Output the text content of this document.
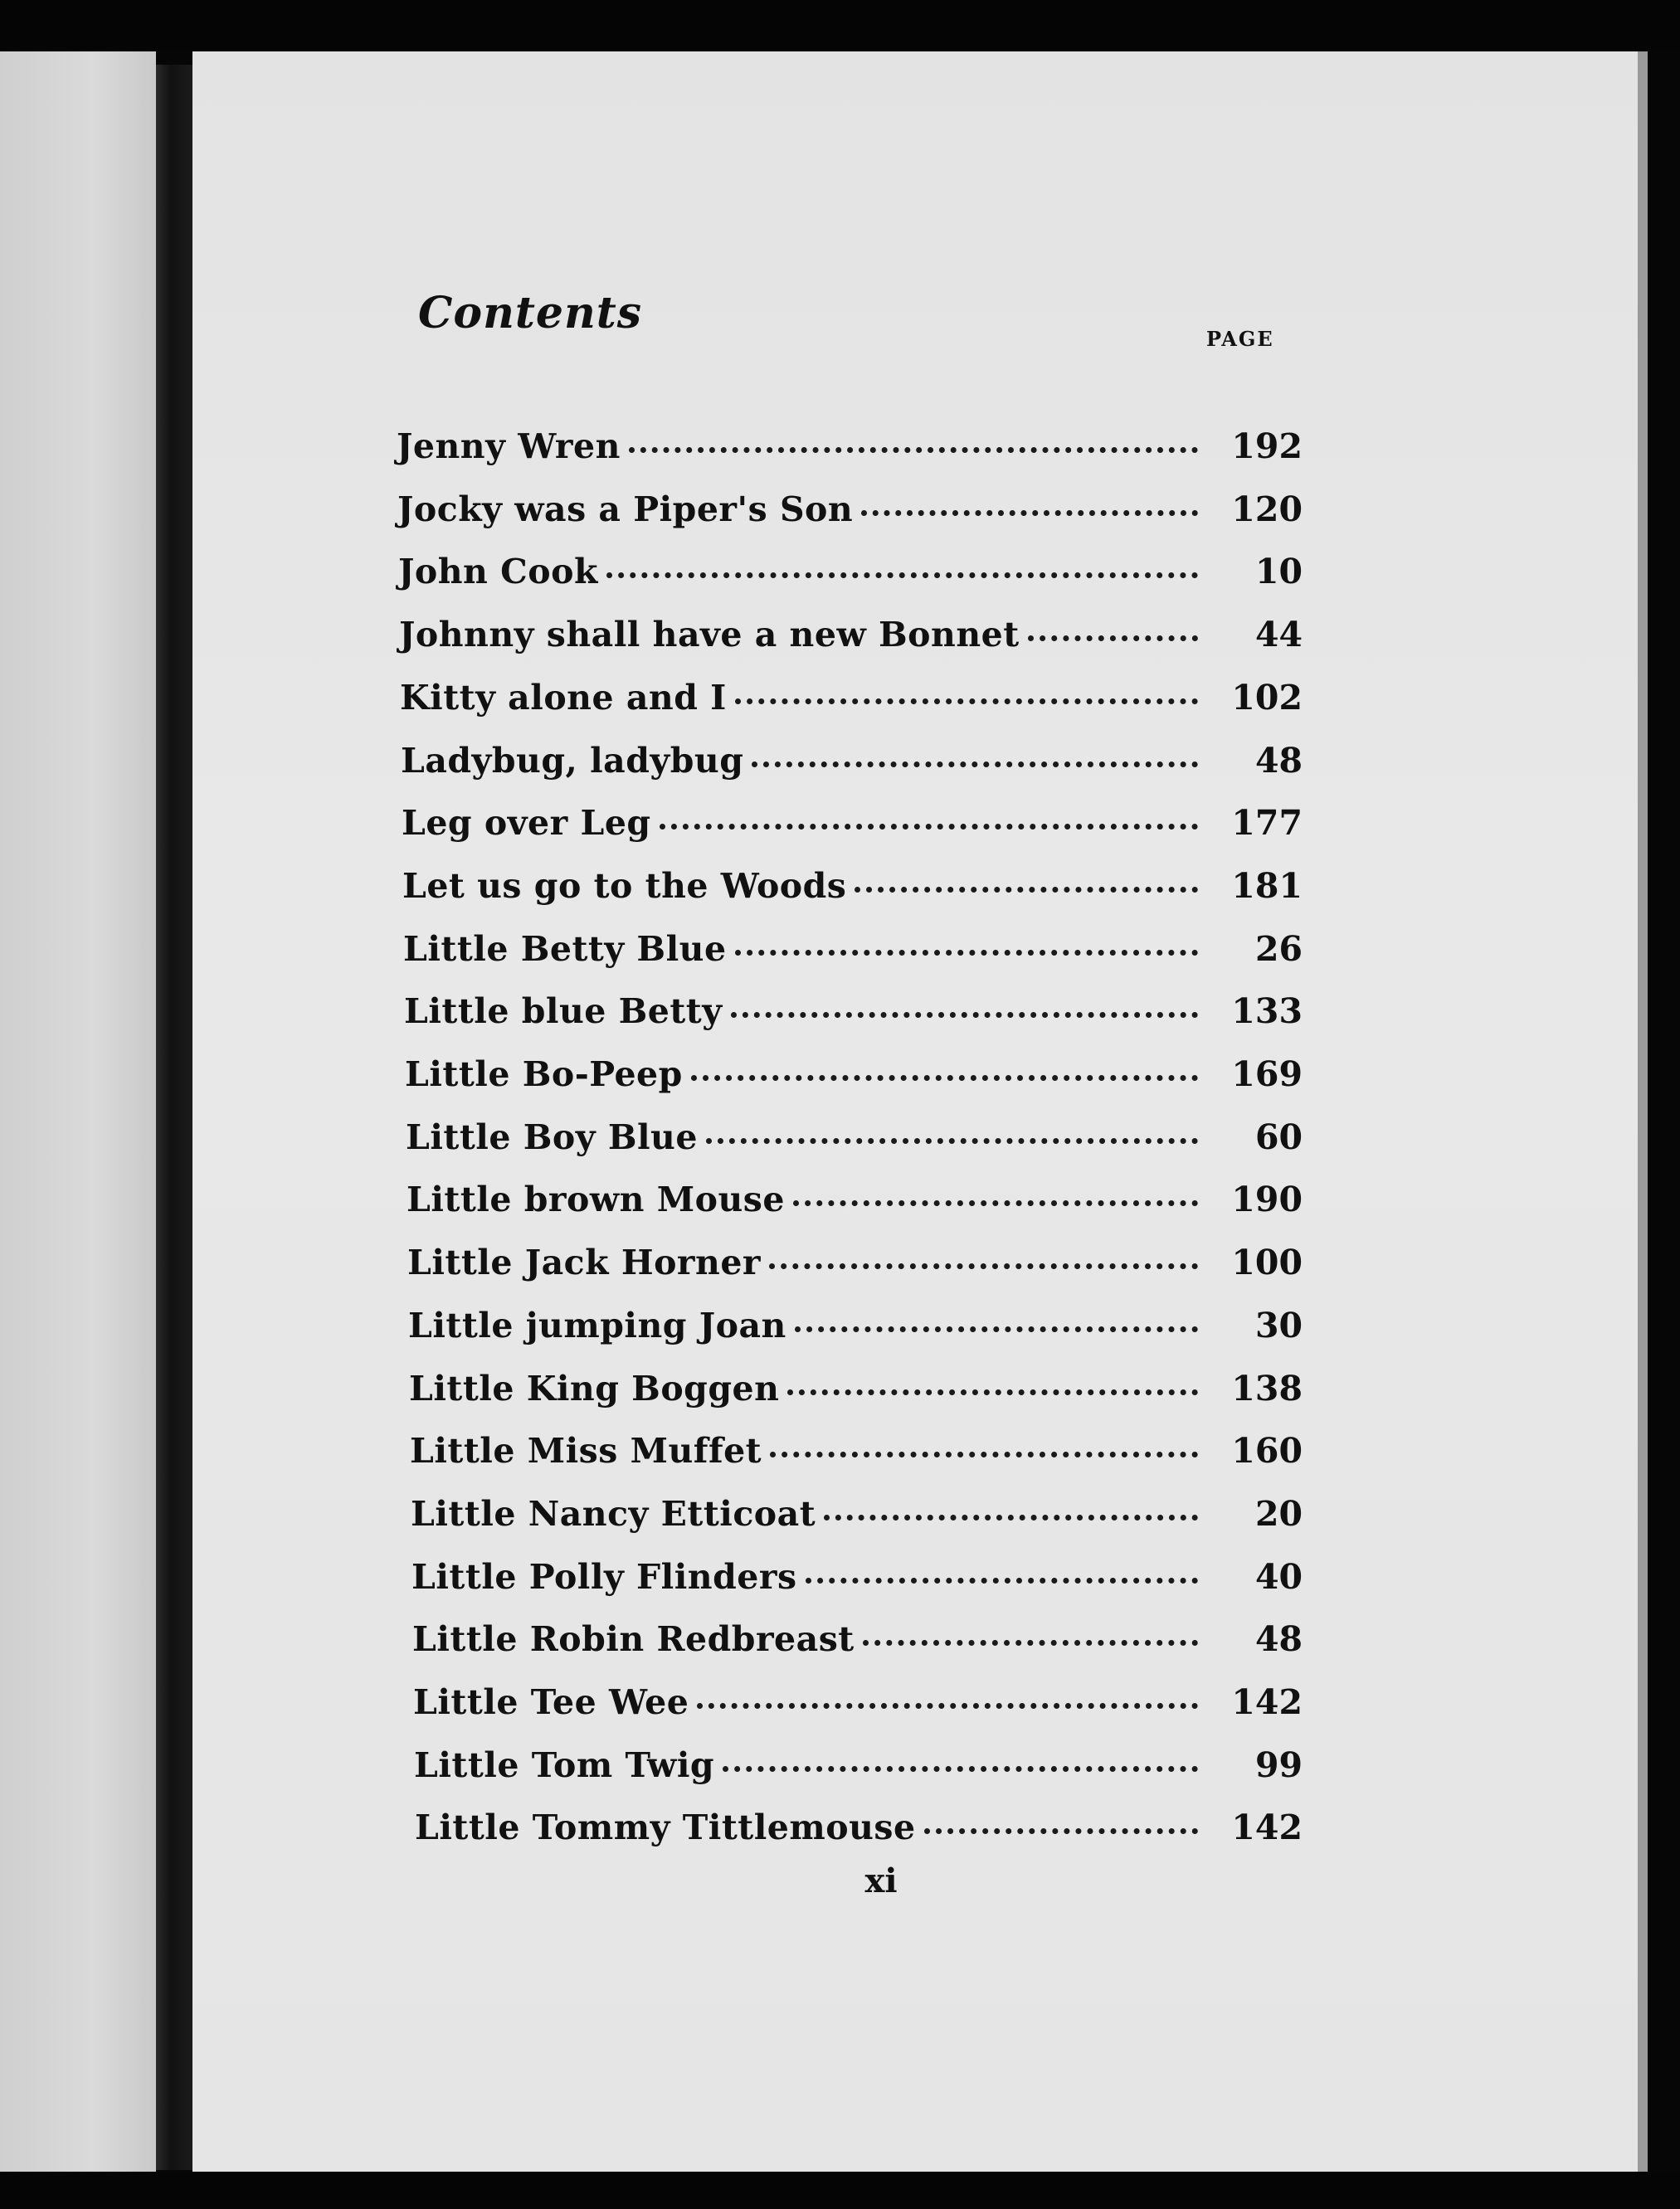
Contents
PAGE
Jenny Wren	192
Jocky was a Piper's Son	120
John Cook	10
Johnny shall have a new Bonnet	44
Kitty alone and I	102
Ladybug, ladybug	48
Leg over Leg	177
Let us go to the Woods	181
Little Betty Blue	26
Little blue Betty	133
Little Bo-Peep	169
Little Boy Blue	60
Little brown Mouse	190
Little Jack Horner	100
Little jumping Joan	30
Little King Boggen	138
Little Miss Muffet	160
Little Nancy Etticoat	20
Little Polly Flinders	40
Little Robin Redbreast	48
Little Tee Wee	142
Little Tom Twig	99
Little Tommy Tittlemouse	142
xi
